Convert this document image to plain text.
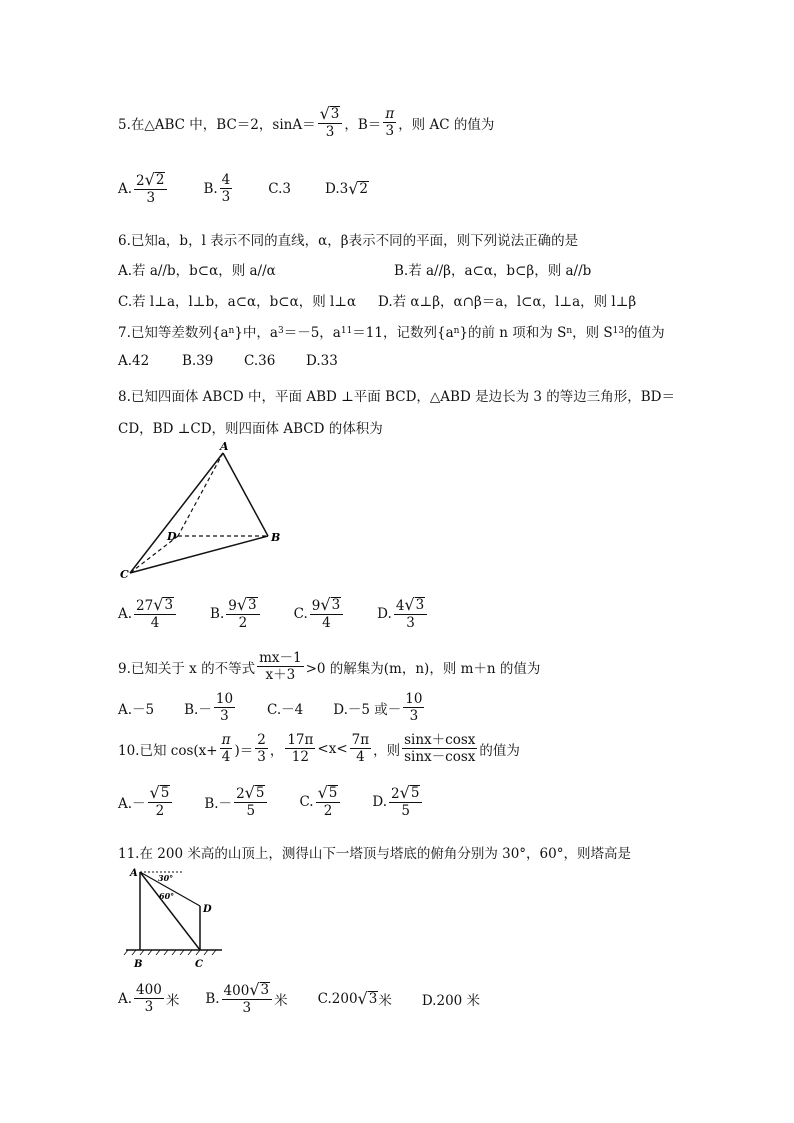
5.在△ABC 中，BC＝2，$\sin A= \frac{√ 3}{3}$ ，$B= \frac{\pi}{3}$ ，则 AC 的值为
A. $\frac{2 √ 2}{3}$	B. $\frac{4}{3}$	C.3	D.3 √ 2
6.已知a，b，l 表示不同的直线，α，β表示不同的平面，则下列说法正确的是
A.若 a//b，b⊂α，则 a//α	B.若 a//β，a⊂α，b⊂β，则 a//b
C.若 l⊥a，l⊥b，a⊂α，b⊂α，则 l⊥α D.若 α⊥β，α∩β＝a，l⊂α，l⊥a，则 l⊥β
7.已知等差数列{a n }中，a 3 ＝－5，a 11 ＝11，记数列{a n }的前 n 项和为 S n ，则 S 13 的值为
A.42 B.39 C.36 D.33
8.已知四面体 ABCD 中，平面 ABD ⊥平面 BCD，△ABD 是边长为 3 的等边三角形，BD＝
CD，BD ⊥CD，则四面体 ABCD 的体积为
A
B
C
D
A. $\frac{27 √ 3}{4}$	B. $\frac{9 √ 3}{2}$	C. $\frac{9 √ 3}{4}$	D. $\frac{4 √ 3}{3}$
9.已知关于 x 的不等式 $\frac{mx-1}{x+3} >0$ 的解集为(m，n)，则 m＋n 的值为
A.－5 $B.- \frac{10}{3} C.-4$ D.－5 或－ $\frac{10}{3}$
10.已知 $\cos(x+ \frac{\pi}{4}$ )＝ $\frac{2}{3}$ ， $\frac{17\pi}{12} <x< \frac{7\pi}{4}$ ，则 $\frac{\sin x+\cos x}{\sin x-\cos x}$ 的值为
$A.- \frac{√ 5}{2} B.- \frac{2 √ 5}{5} C$. $\frac{√ 5}{2} D$. $\frac{2 √ 5}{5}$
11.在 200 米高的山顶上，测得山下一塔顶与塔底的俯角分别为 30°，60°，则塔高是
A
B	C
D
30°
60°
A. $\frac{400}{3}$ 米 B. $\frac{400 √ 3}{3}$ 米 C.200 √ 3 米 D.200 米
